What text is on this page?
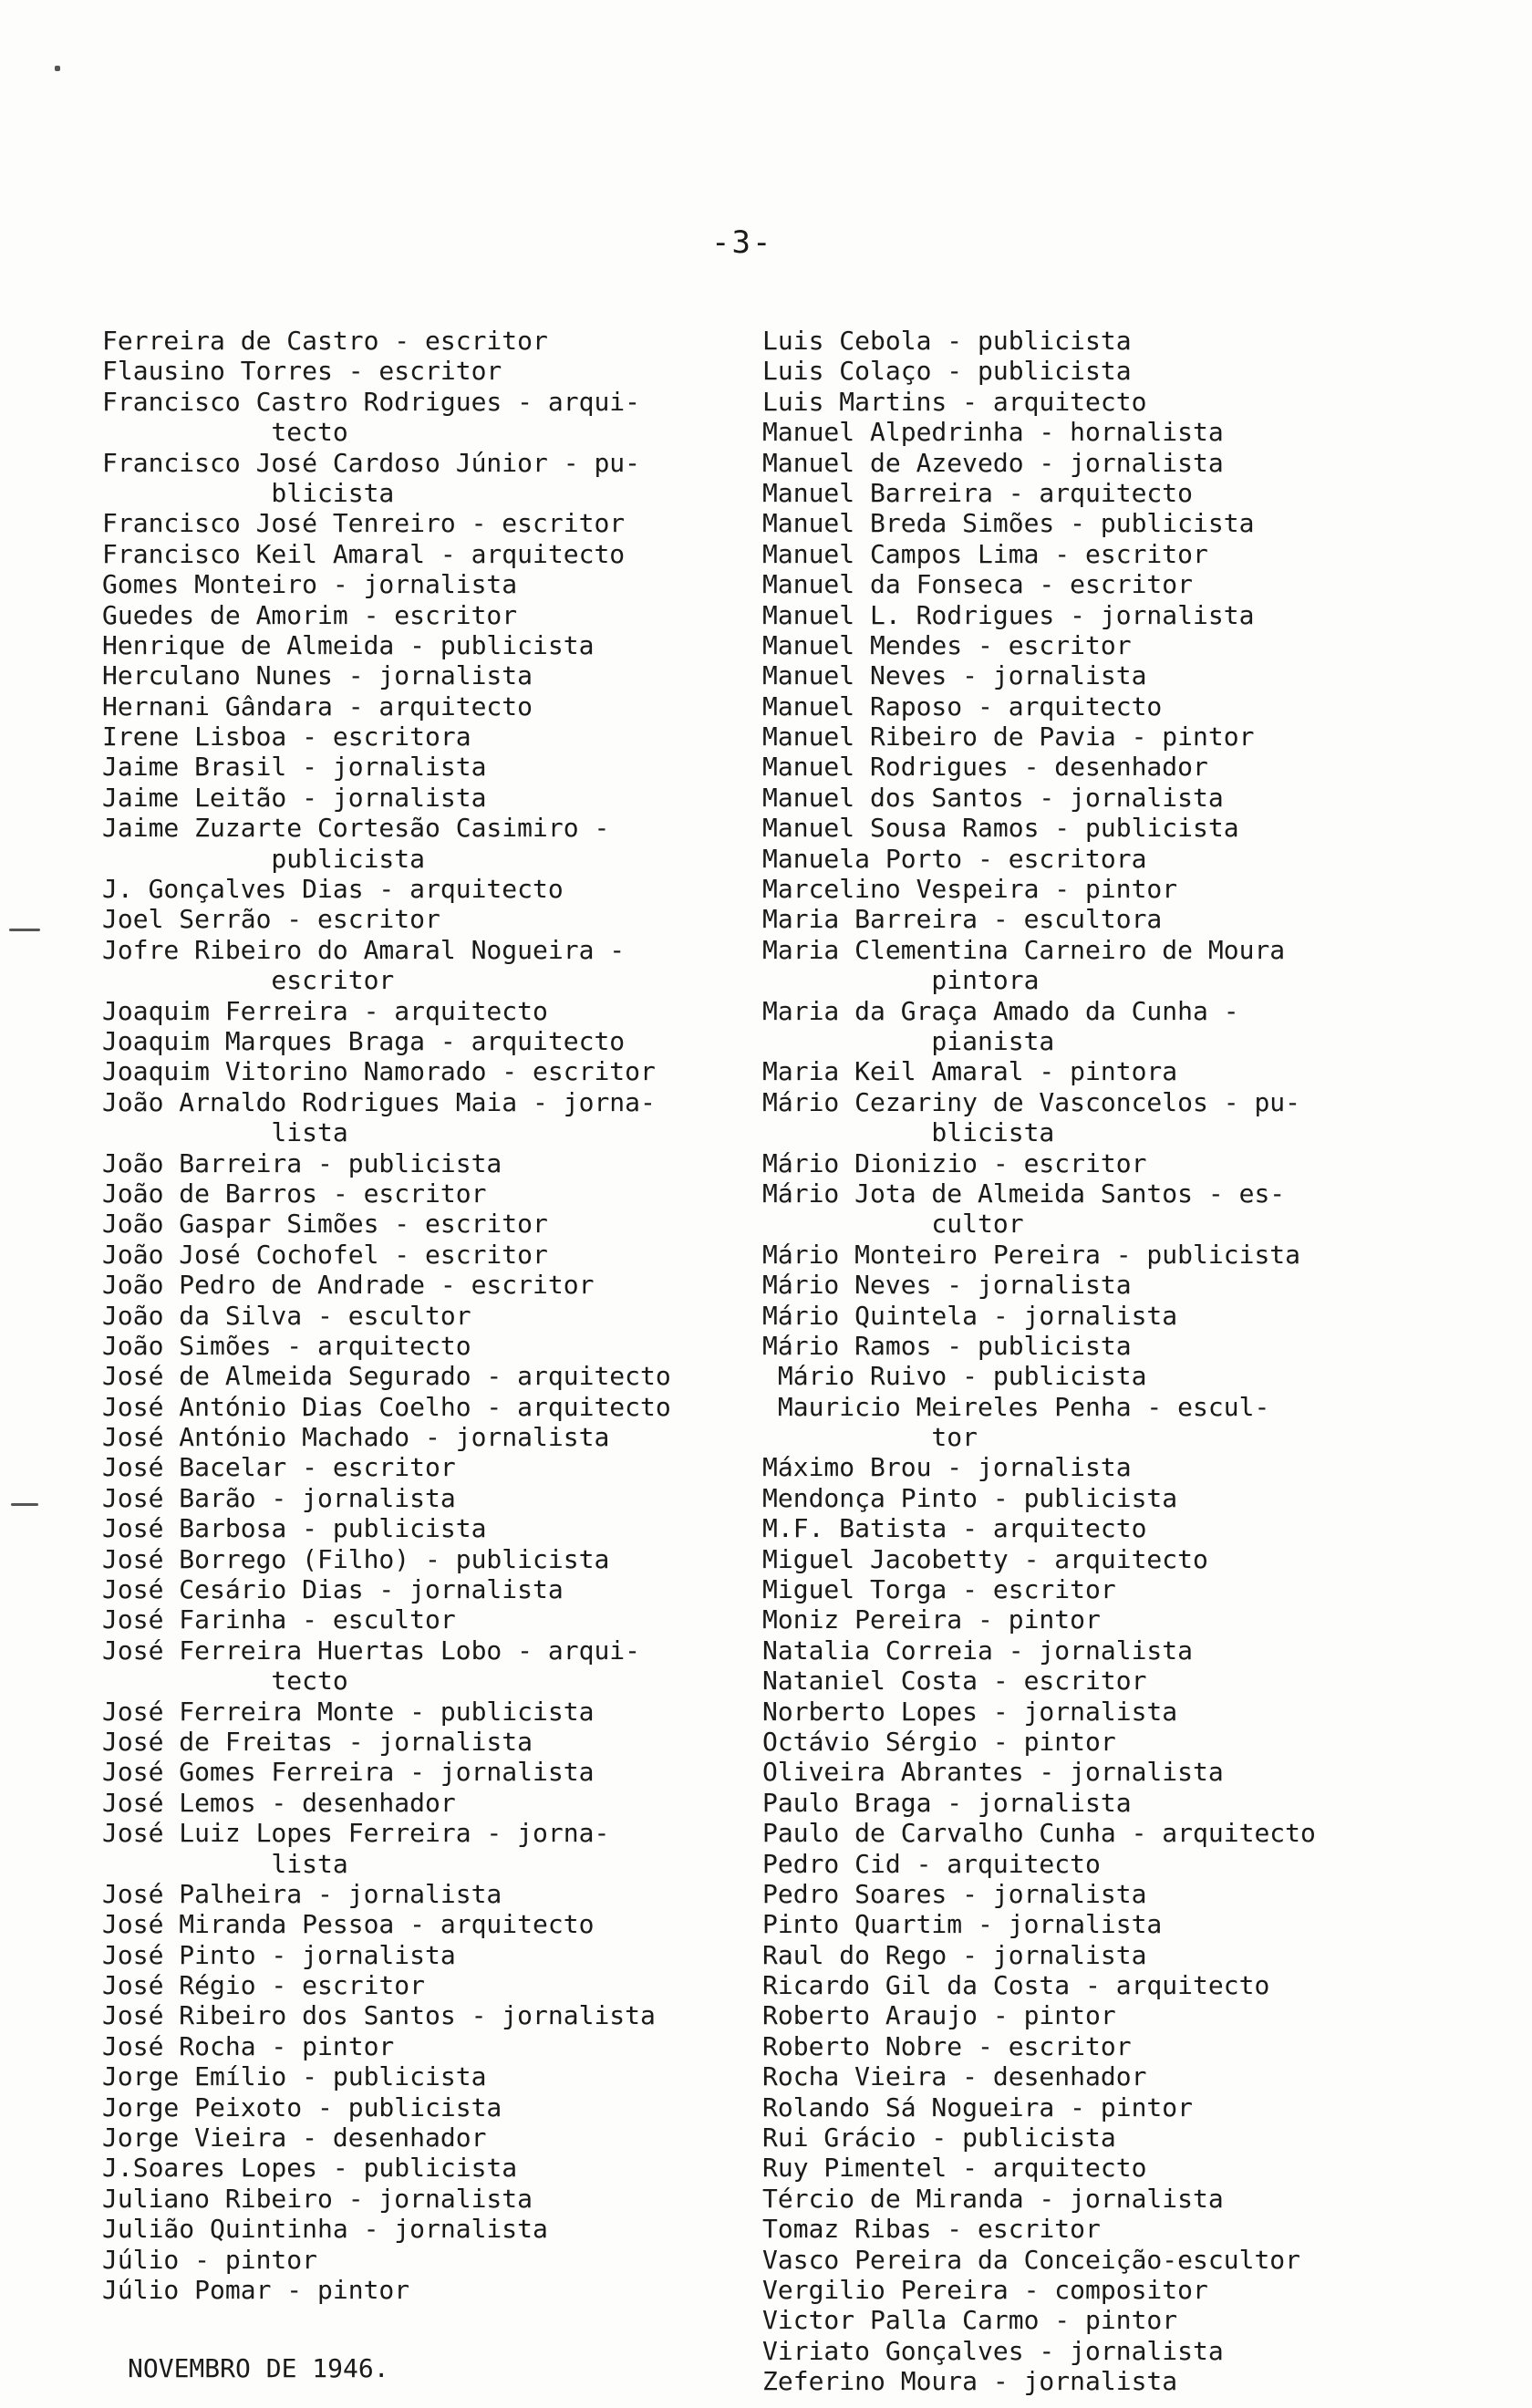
-3-
Ferreira de Castro - escritor
Flausino Torres - escritor
Francisco Castro Rodrigues - arqui-
tecto
Francisco José Cardoso Júnior - pu-
blicista
Francisco José Tenreiro - escritor
Francisco Keil Amaral - arquitecto
Gomes Monteiro - jornalista
Guedes de Amorim - escritor
Henrique de Almeida - publicista
Herculano Nunes - jornalista
Hernani Gândara - arquitecto
Irene Lisboa - escritora
Jaime Brasil - jornalista
Jaime Leitão - jornalista
Jaime Zuzarte Cortesão Casimiro -
publicista
J. Gonçalves Dias - arquitecto
Joel Serrão - escritor
Jofre Ribeiro do Amaral Nogueira -
escritor
Joaquim Ferreira - arquitecto
Joaquim Marques Braga - arquitecto
Joaquim Vitorino Namorado - escritor
João Arnaldo Rodrigues Maia - jorna-
lista
João Barreira - publicista
João de Barros - escritor
João Gaspar Simões - escritor
João José Cochofel - escritor
João Pedro de Andrade - escritor
João da Silva - escultor
João Simões - arquitecto
José de Almeida Segurado - arquitecto
José António Dias Coelho - arquitecto
José António Machado - jornalista
José Bacelar - escritor
José Barão - jornalista
José Barbosa - publicista
José Borrego (Filho) - publicista
José Cesário Dias - jornalista
José Farinha - escultor
José Ferreira Huertas Lobo - arqui-
tecto
José Ferreira Monte - publicista
José de Freitas - jornalista
José Gomes Ferreira - jornalista
José Lemos - desenhador
José Luiz Lopes Ferreira - jorna-
lista
José Palheira - jornalista
José Miranda Pessoa - arquitecto
José Pinto - jornalista
José Régio - escritor
José Ribeiro dos Santos - jornalista
José Rocha - pintor
Jorge Emílio - publicista
Jorge Peixoto - publicista
Jorge Vieira - desenhador
J.Soares Lopes - publicista
Juliano Ribeiro - jornalista
Julião Quintinha - jornalista
Júlio - pintor
Júlio Pomar - pintor
Luis Cebola - publicista
Luis Colaço - publicista
Luis Martins - arquitecto
Manuel Alpedrinha - hornalista
Manuel de Azevedo - jornalista
Manuel Barreira - arquitecto
Manuel Breda Simões - publicista
Manuel Campos Lima - escritor
Manuel da Fonseca - escritor
Manuel L. Rodrigues - jornalista
Manuel Mendes - escritor
Manuel Neves - jornalista
Manuel Raposo - arquitecto
Manuel Ribeiro de Pavia - pintor
Manuel Rodrigues - desenhador
Manuel dos Santos - jornalista
Manuel Sousa Ramos - publicista
Manuela Porto - escritora
Marcelino Vespeira - pintor
Maria Barreira - escultora
Maria Clementina Carneiro de Moura
pintora
Maria da Graça Amado da Cunha -
pianista
Maria Keil Amaral - pintora
Mário Cezariny de Vasconcelos - pu-
blicista
Mário Dionizio - escritor
Mário Jota de Almeida Santos - es-
cultor
Mário Monteiro Pereira - publicista
Mário Neves - jornalista
Mário Quintela - jornalista
Mário Ramos - publicista
Mário Ruivo - publicista
Mauricio Meireles Penha - escul-
tor
Máximo Brou - jornalista
Mendonça Pinto - publicista
M.F. Batista - arquitecto
Miguel Jacobetty - arquitecto
Miguel Torga - escritor
Moniz Pereira - pintor
Natalia Correia - jornalista
Nataniel Costa - escritor
Norberto Lopes - jornalista
Octávio Sérgio - pintor
Oliveira Abrantes - jornalista
Paulo Braga - jornalista
Paulo de Carvalho Cunha - arquitecto
Pedro Cid - arquitecto
Pedro Soares - jornalista
Pinto Quartim - jornalista
Raul do Rego - jornalista
Ricardo Gil da Costa - arquitecto
Roberto Araujo - pintor
Roberto Nobre - escritor
Rocha Vieira - desenhador
Rolando Sá Nogueira - pintor
Rui Grácio - publicista
Ruy Pimentel - arquitecto
Tércio de Miranda - jornalista
Tomaz Ribas - escritor
Vasco Pereira da Conceição-escultor
Vergilio Pereira - compositor
Victor Palla Carmo - pintor
Viriato Gonçalves - jornalista
Zeferino Moura - jornalista
NOVEMBRO DE 1946.
